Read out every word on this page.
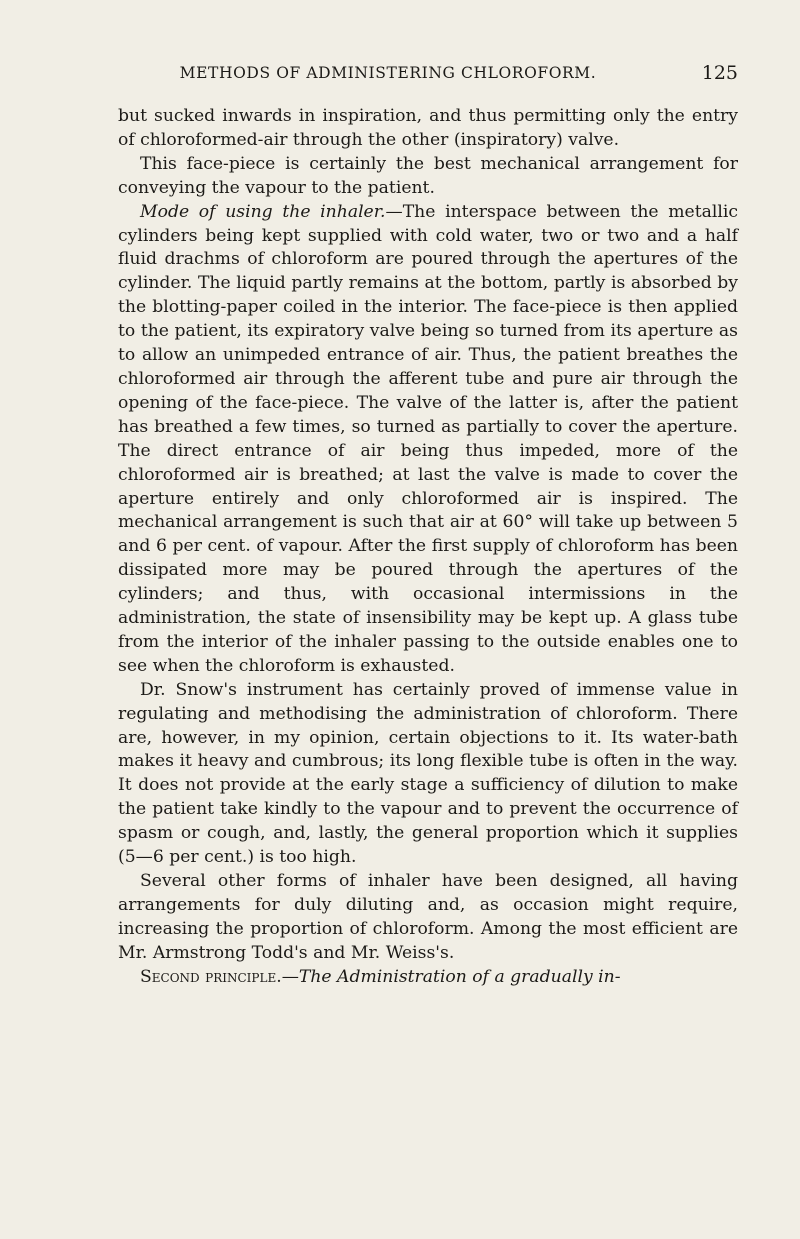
METHODS OF ADMINISTERING CHLOROFORM.	125

but sucked inwards in inspiration, and thus permitting only the entry of chloroformed-air through the other (inspiratory) valve.

This face-piece is certainly the best mechanical arrangement for conveying the vapour to the patient.

Mode of using the inhaler.—The interspace between the metallic cylinders being kept supplied with cold water, two or two and a half fluid drachms of chloroform are poured through the apertures of the cylinder. The liquid partly remains at the bottom, partly is absorbed by the blotting-paper coiled in the interior. The face-piece is then applied to the patient, its expiratory valve being so turned from its aperture as to allow an unimpeded entrance of air. Thus, the patient breathes the chloroformed air through the afferent tube and pure air through the opening of the face-piece. The valve of the latter is, after the patient has breathed a few times, so turned as partially to cover the aperture. The direct entrance of air being thus impeded, more of the chloroformed air is breathed; at last the valve is made to cover the aperture entirely and only chloroformed air is inspired. The mechanical arrangement is such that air at 60° will take up between 5 and 6 per cent. of vapour. After the first supply of chloroform has been dissipated more may be poured through the apertures of the cylinders; and thus, with occasional intermissions in the administration, the state of insensibility may be kept up. A glass tube from the interior of the inhaler passing to the outside enables one to see when the chloroform is exhausted.

Dr. Snow's instrument has certainly proved of immense value in regulating and methodising the administration of chloroform. There are, however, in my opinion, certain objections to it. Its water-bath makes it heavy and cumbrous; its long flexible tube is often in the way. It does not provide at the early stage a sufficiency of dilution to make the patient take kindly to the vapour and to prevent the occurrence of spasm or cough, and, lastly, the general proportion which it supplies (5—6 per cent.) is too high.

Several other forms of inhaler have been designed, all having arrangements for duly diluting and, as occasion might require, increasing the proportion of chloroform. Among the most efficient are Mr. Armstrong Todd's and Mr. Weiss's.

Second principle.—The Administration of a gradually in-
